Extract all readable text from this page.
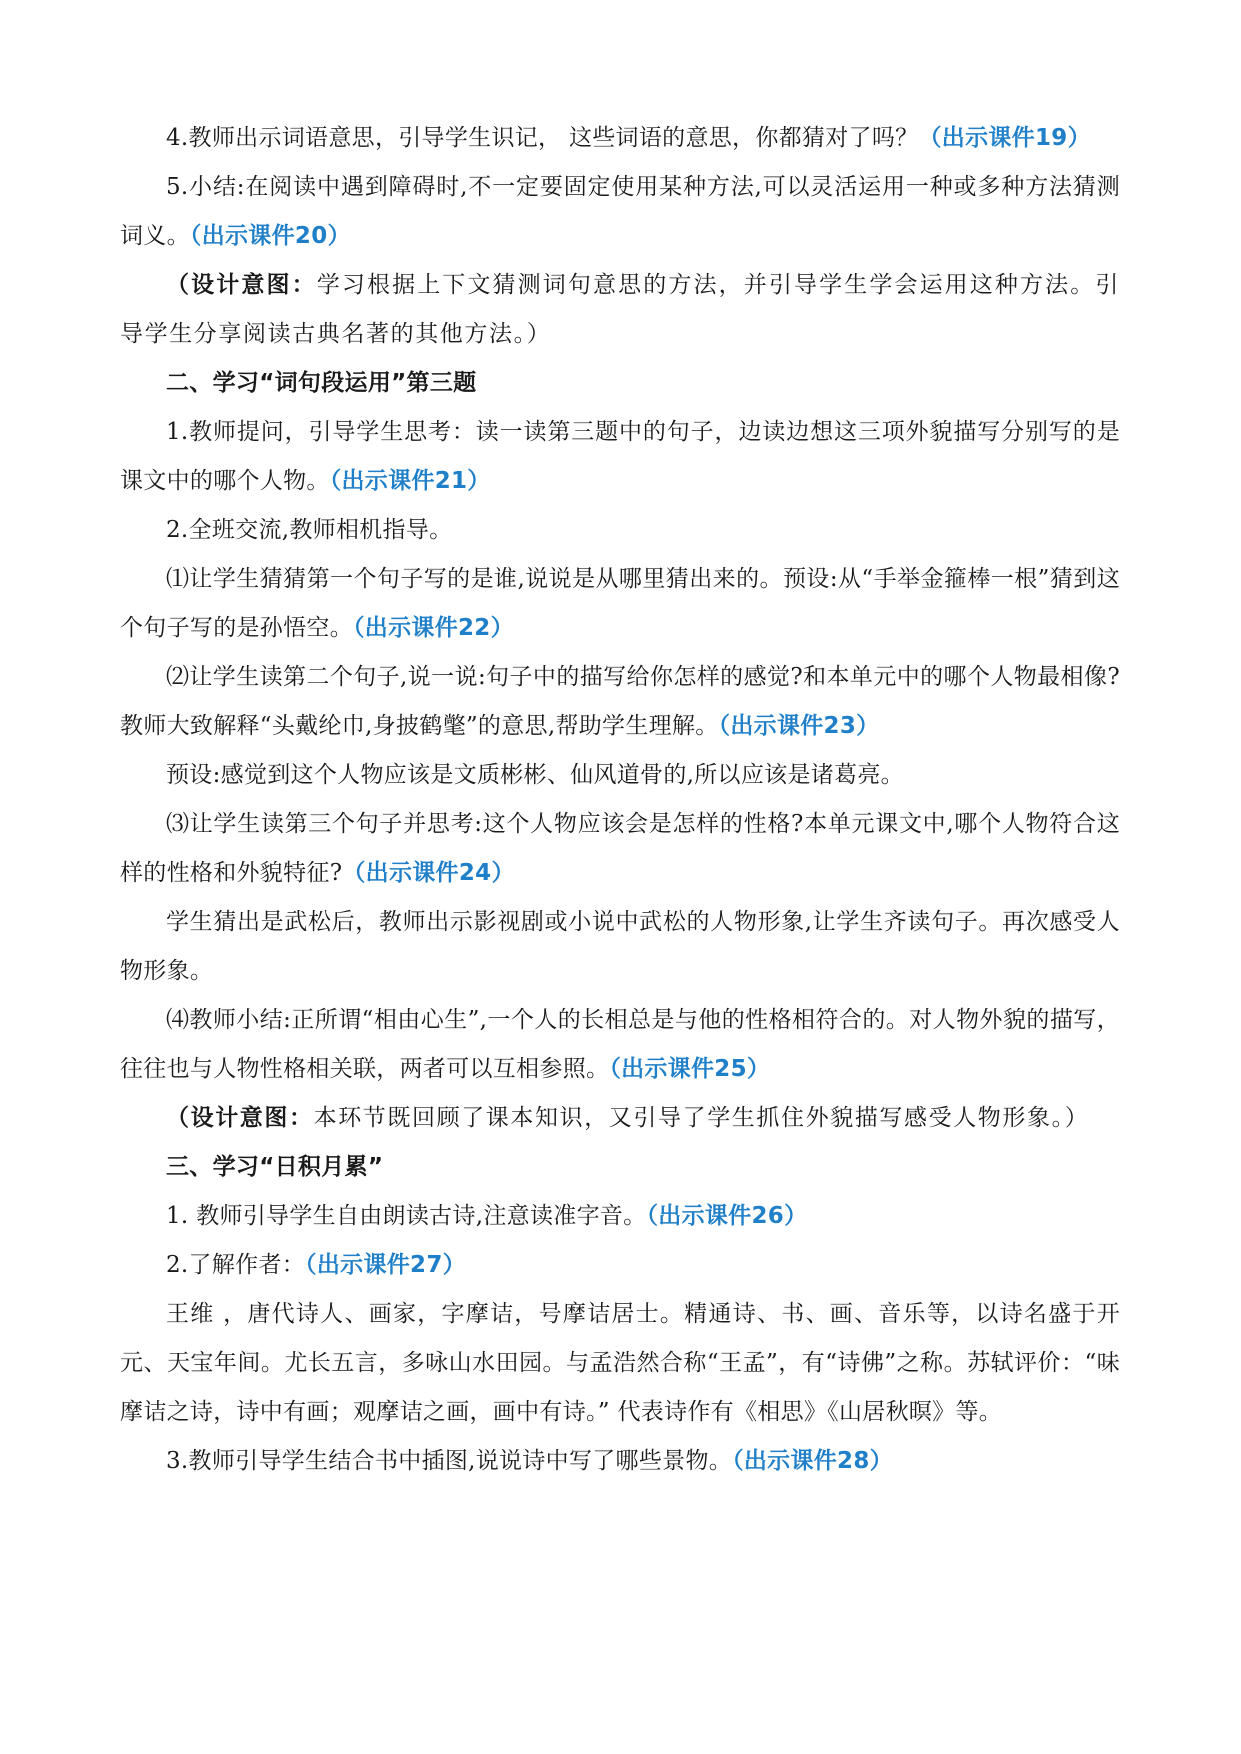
4.教师出示词语意思，引导学生识记， 这些词语的意思，你都猜对了吗？（出示课件19）

5.小结:在阅读中遇到障碍时,不一定要固定使用某种方法,可以灵活运用一种或多种方法猜测词义。（出示课件20）

（设计意图：学习根据上下文猜测词句意思的方法，并引导学生学会运用这种方法。引导学生分享阅读古典名著的其他方法。）

二、学习“词句段运用”第三题

1.教师提问，引导学生思考：读一读第三题中的句子，边读边想这三项外貌描写分别写的是课文中的哪个人物。（出示课件21）

2.全班交流,教师相机指导。

⑴让学生猜猜第一个句子写的是谁,说说是从哪里猜出来的。预设:从“手举金箍棒一根”猜到这个句子写的是孙悟空。（出示课件22）

⑵让学生读第二个句子,说一说:句子中的描写给你怎样的感觉?和本单元中的哪个人物最相像?教师大致解释“头戴纶巾,身披鹤氅”的意思,帮助学生理解。（出示课件23）

预设:感觉到这个人物应该是文质彬彬、仙风道骨的,所以应该是诸葛亮。

⑶让学生读第三个句子并思考:这个人物应该会是怎样的性格?本单元课文中,哪个人物符合这样的性格和外貌特征?（出示课件24）

学生猜出是武松后，教师出示影视剧或小说中武松的人物形象,让学生齐读句子。再次感受人物形象。

⑷教师小结:正所谓“相由心生”,一个人的长相总是与他的性格相符合的。对人物外貌的描写，往往也与人物性格相关联，两者可以互相参照。（出示课件25）

（设计意图：本环节既回顾了课本知识，又引导了学生抓住外貌描写感受人物形象。）

三、学习“日积月累”

1. 教师引导学生自由朗读古诗,注意读准字音。（出示课件26）

2.了解作者：（出示课件27）

王维 ，唐代诗人、画家，字摩诘，号摩诘居士。精通诗、书、画、音乐等，以诗名盛于开元、天宝年间。尤长五言，多咏山水田园。与孟浩然合称“王孟”，有“诗佛”之称。苏轼评价：“味摩诘之诗，诗中有画；观摩诘之画，画中有诗。” 代表诗作有《相思》《山居秋暝》等。

3.教师引导学生结合书中插图,说说诗中写了哪些景物。（出示课件28）
